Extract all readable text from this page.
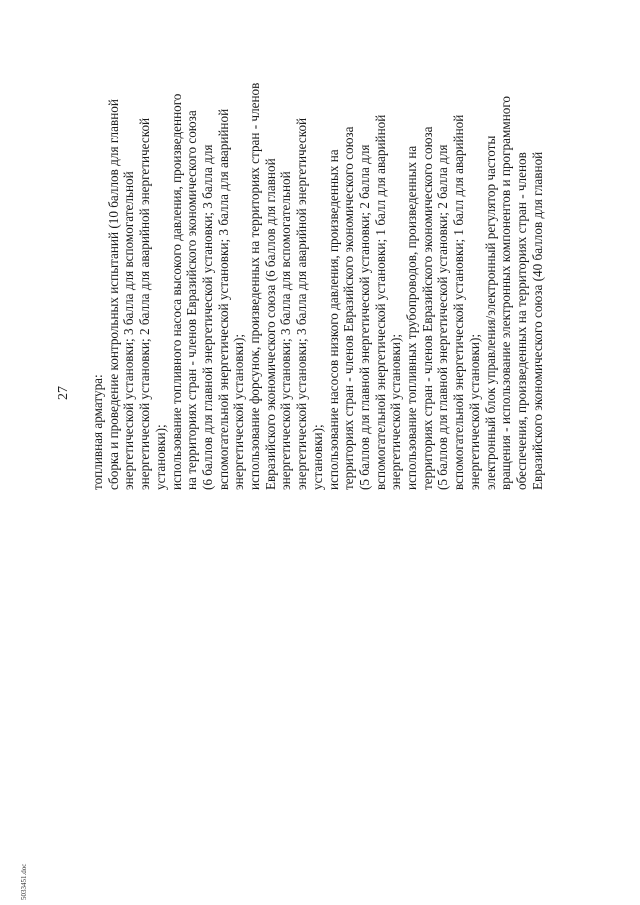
27 топливная арматура: сборка и проведение контрольных испытаний (10 баллов для главной энергетической установки; 3 балла для вспомогательной энергетической установки; 2 балла для аварийной энергетической установки); использование топливного насоса высокого давления, произведенного на территориях стран - членов Евразийского экономического союза (6 баллов для главной энергетической установки; 3 балла для вспомогательной энергетической установки; 3 балла для аварийной энергетической установки); использование форсунок, произведенных на территориях стран - членов Евразийского экономического союза (6 баллов для главной энергетической установки; 3 балла для вспомогательной энергетической установки; 3 балла для аварийной энергетической установки); использование насосов низкого давления, произведенных на территориях стран - членов Евразийского экономического союза (5 баллов для главной энергетической установки; 2 балла для вспомогательной энергетической установки; 1 балл для аварийной энергетической установки); использование топливных трубопроводов, произведенных на территориях стран - членов Евразийского экономического союза (5 баллов для главной энергетической установки; 2 балла для вспомогательной энергетической установки; 1 балл для аварийной энергетической установки); электронный блок управления/электронный регулятор частоты вращения - использование электронных компонентов и программного обеспечения, произведенных на территориях стран - членов Евразийского экономического союза (40 баллов для главной
5033451.doc
